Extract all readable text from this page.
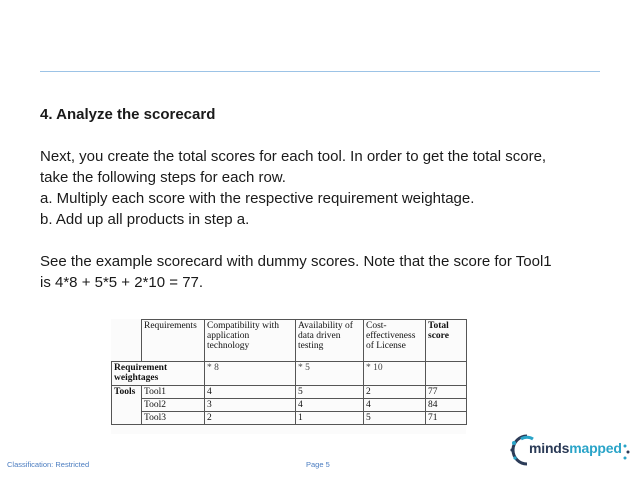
4. Analyze the scorecard

Next, you create the total scores for each tool. In order to get the total score,

take the following steps for each row.

a. Multiply each score with the respective requirement weightage.

b. Add up all products in step a.

See the example scorecard with dummy scores. Note that the score for Tool1

is 4*8 + 5*5 + 2*10 = 77.

	Requirements	Compatibility with application technology	Availability of data driven testing	Cost-effectiveness of License	Total score
Requirement weightages		* 8	* 5	* 10	
Tools	Tool1	4	5	2	77
	Tool2	3	4	4	84
	Tool3	2	1	5	71
Classification: Restricted	Page 5
mindsmapped
